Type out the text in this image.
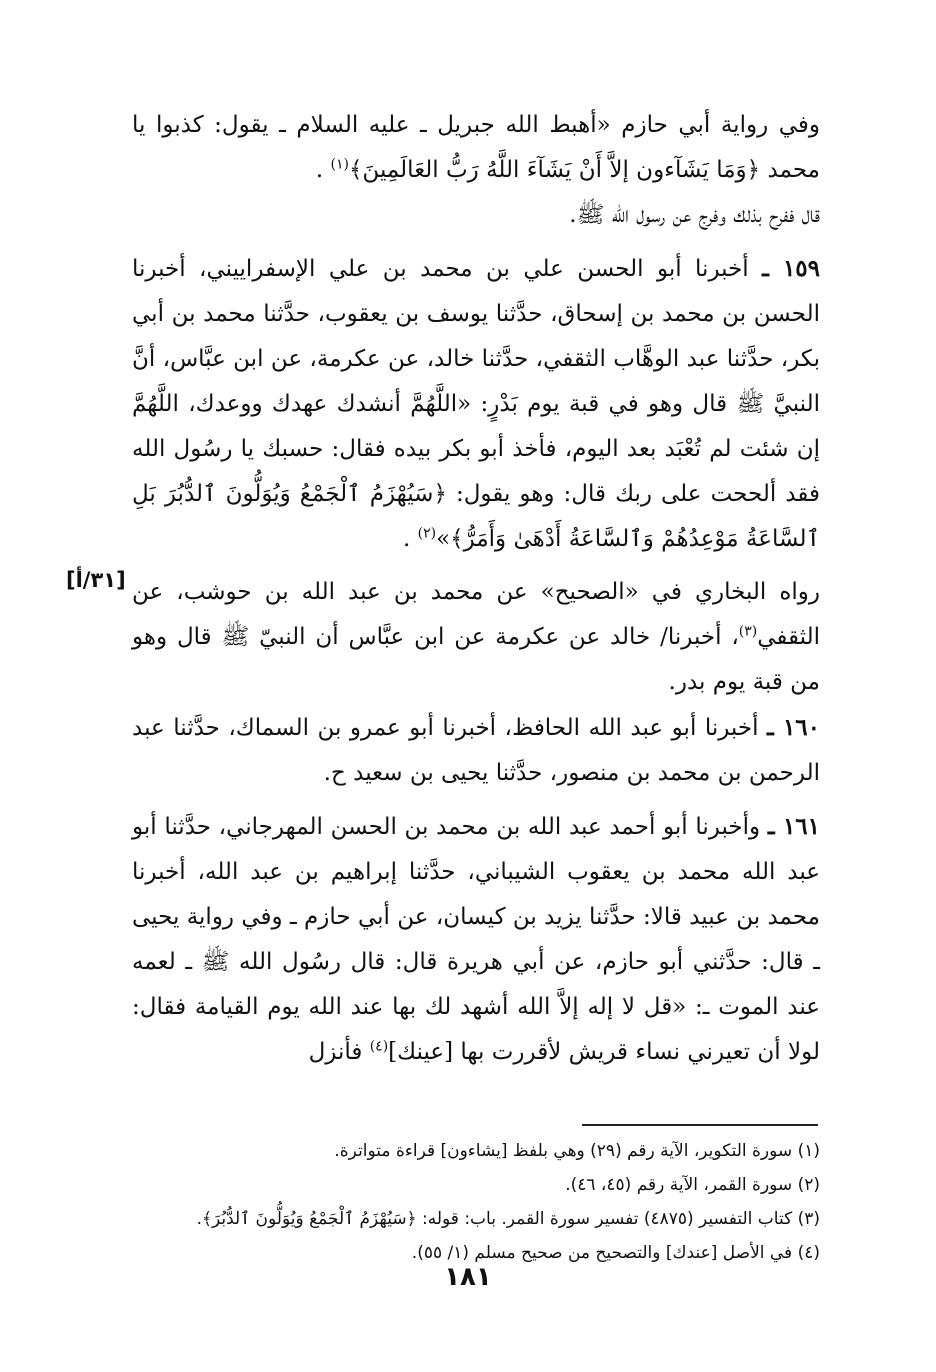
وفي رواية أبي حازم «أهبط الله جبريل ـ عليه السلام ـ يقول: كذبوا يا محمد ﴿وَمَا يَشَآءون إلاَّ أَنْ يَشَآءَ اللَّهُ رَبُّ العَالَمِينَ﴾$^{(١)}$ .

قال ففرح بذلك وفرج عن رسول الله ﷺ.

١٥٩ ـ أخبرنا أبو الحسن علي بن محمد بن علي الإسفراييني، أخبرنا الحسن بن محمد بن إسحاق، حدَّثنا يوسف بن يعقوب، حدَّثنا محمد بن أبي بكر، حدَّثنا عبد الوهَّاب الثقفي، حدَّثنا خالد، عن عكرمة، عن ابن عبَّاس، أنَّ النبيَّ ﷺ قال وهو في قبة يوم بَدْرٍ: «اللَّهُمَّ أنشدك عهدك ووعدك، اللَّهُمَّ إن شئت لم تُعْبَد بعد اليوم، فأخذ أبو بكر بيده فقال: حسبك يا رسُول الله فقد ألححت على ربك قال: وهو يقول: ﴿سَيُهْزَمُ ٱلْجَمْعُ وَيُوَلُّونَ ٱلدُّبُرَ بَلِ ٱلسَّاعَةُ مَوْعِدُهُمْ وَٱلسَّاعَةُ أَدْهَىٰ وَأَمَرُّ﴾»$^{(٢)}$ .

رواه البخاري في «الصحيح» عن محمد بن عبد الله بن حوشب، عن الثقفي$^{(٣)}$، أخبرنا/ خالد عن عكرمة عن ابن عبَّاس أن النبيّ ﷺ قال وهو من قبة يوم بدر.

١٦٠ ـ أخبرنا أبو عبد الله الحافظ، أخبرنا أبو عمرو بن السماك، حدَّثنا عبد الرحمن بن محمد بن منصور، حدَّثنا يحيى بن سعيد ح.

١٦١ ـ وأخبرنا أبو أحمد عبد الله بن محمد بن الحسن المهرجاني، حدَّثنا أبو عبد الله محمد بن يعقوب الشيباني، حدَّثنا إبراهيم بن عبد الله، أخبرنا محمد بن عبيد قالا: حدَّثنا يزيد بن كيسان، عن أبي حازم ـ وفي رواية يحيى ـ قال: حدَّثني أبو حازم، عن أبي هريرة قال: قال رسُول الله ﷺ ـ لعمه عند الموت ـ: «قل لا إله إلاَّ الله أشهد لك بها عند الله يوم القيامة فقال: لولا أن تعيرني نساء قريش لأقررت بها [عينك]$^{(٤)}$ فأنزل

[٣١/أ]

(١) سورة التكوير، الآية رقم (٢٩) وهي بلفظ [يشاءون] قراءة متواترة.

(٢) سورة القمر، الآية رقم (٤٥، ٤٦).

(٣) كتاب التفسير (٤٨٧٥) تفسير سورة القمر. باب: قوله: ﴿سَيُهْزَمُ ٱلْجَمْعُ وَيُوَلُّونَ ٱلدُّبُرَ﴾.

(٤) في الأصل [عندك] والتصحيح من صحيح مسلم (١/ ٥٥).

١٨١
